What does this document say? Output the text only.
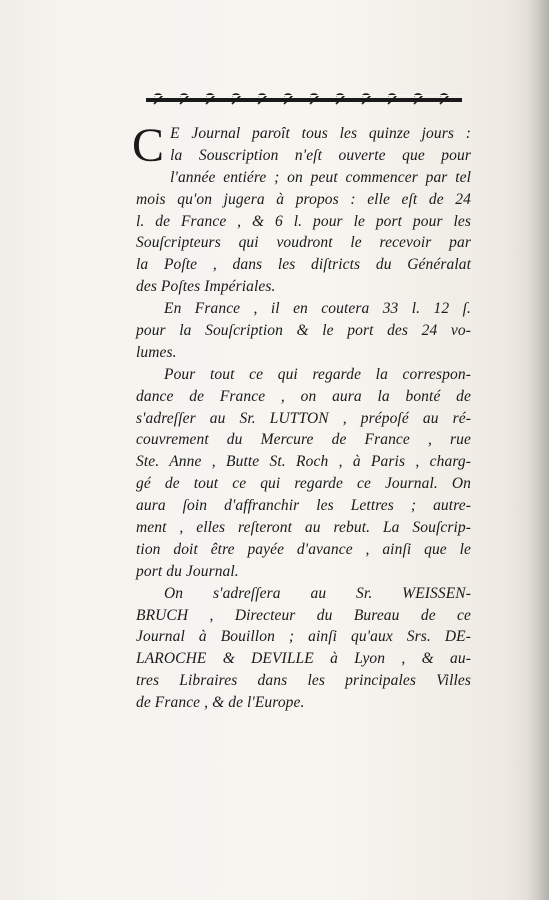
C E Journal paroît tous les quinze jours :
la Souscription n'eſt ouverte que pour
l'année entiére ; on peut commencer par tel
mois qu'on jugera à propos : elle eſt de 24
l. de France , & 6 l. pour le port pour les
Souſcripteurs qui voudront le recevoir par
la Poſte , dans les diſtricts du Généralat
des Poſtes Impériales.
En France , il en coutera 33 l. 12 ſ.
pour la Souſcription & le port des 24 vo-
lumes.
Pour tout ce qui regarde la correspon-
dance de France , on aura la bonté de
s'adreſſer au Sr. LUTTON , prépoſé au ré-
couvrement du Mercure de France , rue
Ste. Anne , Butte St. Roch , à Paris , charg-
gé de tout ce qui regarde ce Journal. On
aura ſoin d'affranchir les Lettres ; autre-
ment , elles reſteront au rebut. La Souſcrip-
tion doit être payée d'avance , ainſi que le
port du Journal.
On s'adreſſera au Sr. WEISSEN-
BRUCH , Directeur du Bureau de ce
Journal à Bouillon ; ainſi qu'aux Srs. DE-
LAROCHE & DEVILLE à Lyon , & au-
tres Libraires dans les principales Villes
de France , & de l'Europe.
